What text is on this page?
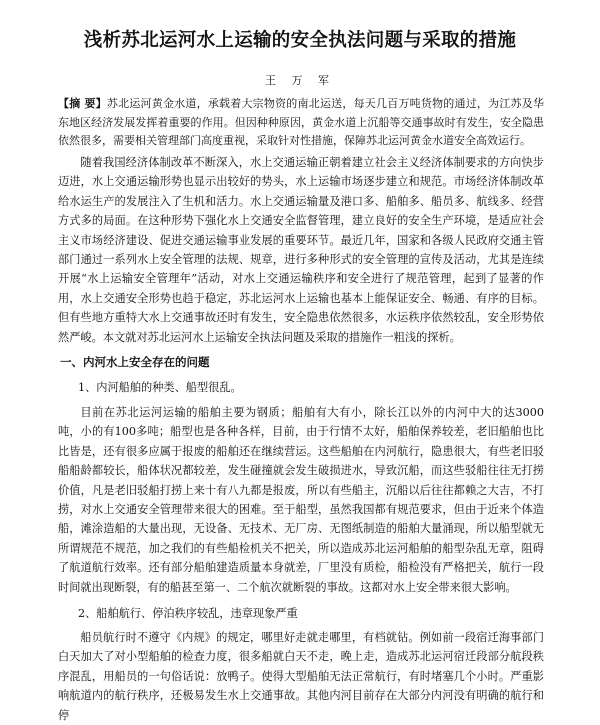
浅析苏北运河水上运输的安全执法问题与采取的措施
王 万 军
【摘 要】苏北运河黄金水道，承载着大宗物资的南北运送，每天几百万吨货物的通过，为江苏及华东地区经济发展发挥着重要的作用。但因种种原因，黄金水道上沉船等交通事故时有发生，安全隐患依然很多，需要相关管理部门高度重视，采取针对性措施，保障苏北运河黄金水道安全高效运行。
随着我国经济体制改革不断深入，水上交通运输正朝着建立社会主义经济体制要求的方向快步迈进，水上交通运输形势也显示出较好的势头，水上运输市场逐步建立和规范。市场经济体制改革给水运生产的发展注入了生机和活力。水上交通运输量及港口多、船舶多、船员多、航线多、经营方式多的局面。在这种形势下强化水上交通安全监督管理，建立良好的安全生产环境，是适应社会主义市场经济建设、促进交通运输事业发展的重要环节。最近几年，国家和各级人民政府交通主管部门通过一系列水上安全管理的法规、规章，进行多种形式的安全管理的宣传及活动，尤其是连续开展“水上运输安全管理年”活动，对水上交通运输秩序和安全进行了规范管理，起到了显著的作用，水上交通安全形势也趋于稳定，苏北运河水上运输也基本上能保证安全、畅通、有序的目标。但有些地方重特大水上交通事故还时有发生，安全隐患依然很多，水运秩序依然较乱，安全形势依然严峻。本文就对苏北运河水上运输安全执法问题及采取的措施作一粗浅的探析。
一、内河水上安全存在的问题
1、内河船舶的种类、船型很乱。
目前在苏北运河运输的船舶主要为钢质；船舶有大有小，除长江以外的内河中大的达3000吨，小的有100多吨；船型也是各种各样，目前，由于行情不太好，船舶保养较差，老旧船舶也比比皆是，还有很多应属于报废的船舶还在继续营运。这些船舶在内河航行，隐患很大，有些老旧驳船船龄都较长，船体状况都较差，发生碰撞就会发生破损进水，导致沉船，而这些驳船往往无打捞价值，凡是老旧驳船打捞上来十有八九都是报废，所以有些船主，沉船以后往往都赖之大吉，不打捞，对水上交通安全管理带来很大的困难。至于船型，虽然我国都有规范要求，但由于近来个体造船，滩涂造船的大量出现，无设备、无技术、无厂房、无图纸制造的船舶大量涌现，所以船型就无所谓规范不规范，加之我们的有些船检机关不把关，所以造成苏北运河船舶的船型杂乱无章，阻碍了航道航行效率。还有部分船舶建造质量本身就差，厂里没有质检，船检没有严格把关，航行一段时间就出现断裂，有的船甚至第一、二个航次就断裂的事故。这都对水上安全带来很大影响。
2、船舶航行、停泊秩序较乱，违章现象严重
船员航行时不遵守《内规》的规定，哪里好走就走哪里，有档就钻。例如前一段宿迁海事部门白天加大了对小型船舶的检查力度，很多船就白天不走，晚上走，造成苏北运河宿迁段部分航段秩序混乱，用船员的一句俗话说：放鸭子。使得大型船舶无法正常航行，有时堵塞几个小时。严重影响航道内的航行秩序，还极易发生水上交通事故。其他内河目前存在大部分内河没有明确的航行和停
